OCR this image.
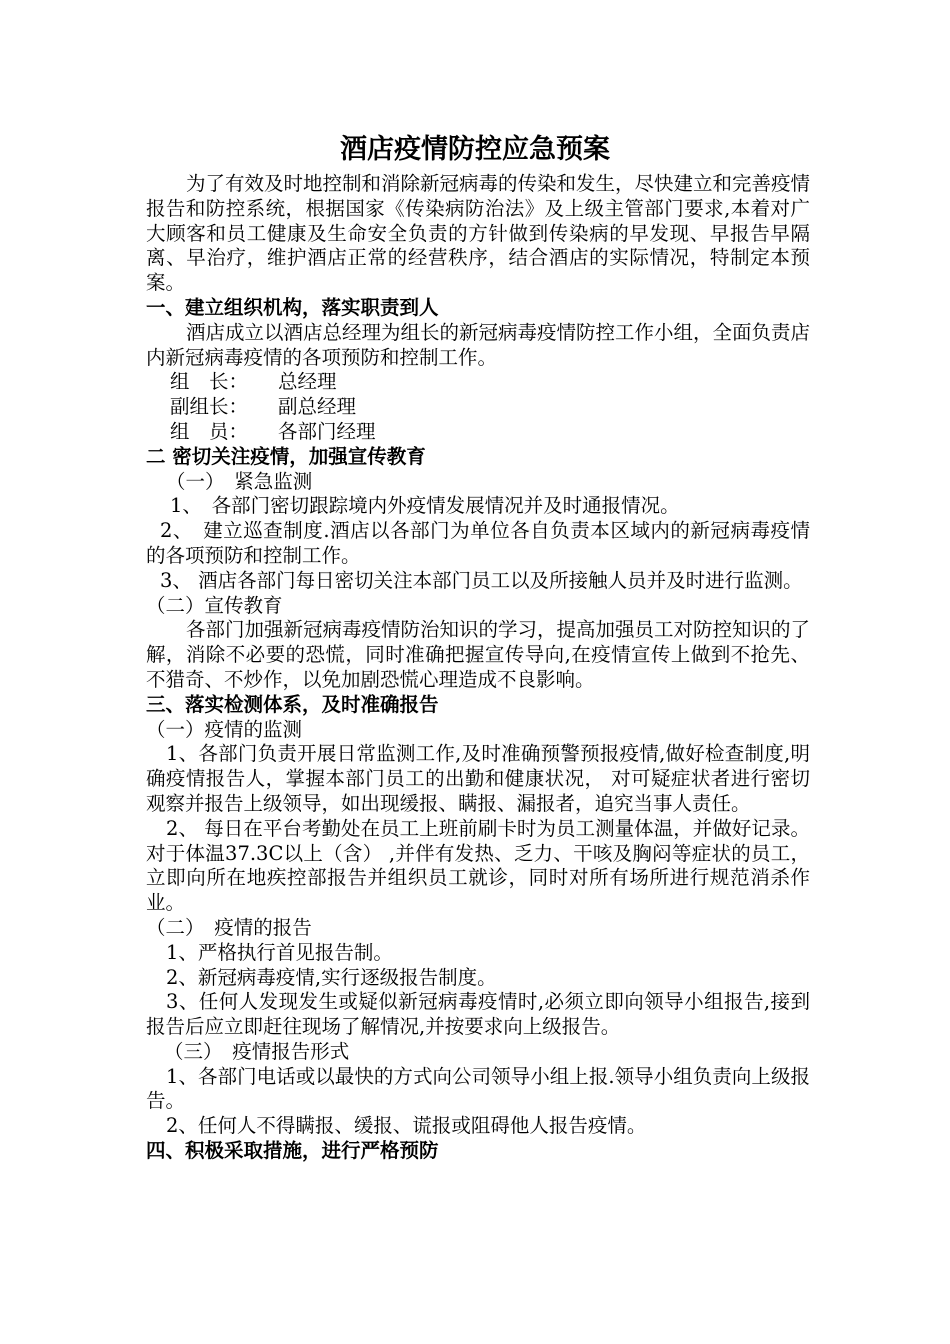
酒店疫情防控应急预案

为了有效及时地控制和消除新冠病毒的传染和发生，尽快建立和完善疫情报告和防控系统，根据国家《传染病防治法》及上级主管部门要求,本着对广大顾客和员工健康及生命安全负责的方针做到传染病的早发现、早报告早隔离、早治疗，维护酒店正常的经营秩序，结合酒店的实际情况，特制定本预案。

一、建立组织机构，落实职责到人

酒店成立以酒店总经理为组长的新冠病毒疫情防控工作小组，全面负责店内新冠病毒疫情的各项预防和控制工作。

组　长：	总经理
副组长：	副总经理
组　员：	各部门经理

二 密切关注疫情，加强宣传教育

（一）　紧急监测

1、　各部门密切跟踪境内外疫情发展情况并及时通报情况。

2、　建立巡查制度.酒店以各部门为单位各自负责本区域内的新冠病毒疫情的各项预防和控制工作。

3、 酒店各部门每日密切关注本部门员工以及所接触人员并及时进行监测。

（二）宣传教育

各部门加强新冠病毒疫情防治知识的学习，提高加强员工对防控知识的了解，消除不必要的恐慌，同时准确把握宣传导向,在疫情宣传上做到不抢先、不猎奇、不炒作，以免加剧恐慌心理造成不良影响。

三、落实检测体系，及时准确报告

（一）疫情的监测

1、各部门负责开展日常监测工作,及时准确预警预报疫情,做好检查制度,明确疫情报告人，掌握本部门员工的出勤和健康状况， 对可疑症状者进行密切观察并报告上级领导，如出现缓报、瞒报、漏报者，追究当事人责任。

2、 每日在平台考勤处在员工上班前刷卡时为员工测量体温，并做好记录。对于体温37.3C以上（含） ,并伴有发热、乏力、干咳及胸闷等症状的员工，立即向所在地疾控部报告并组织员工就诊，同时对所有场所进行规范消杀作业。

（二）　疫情的报告

1、严格执行首见报告制。

2、新冠病毒疫情,实行逐级报告制度。

3、任何人发现发生或疑似新冠病毒疫情时,必须立即向领导小组报告,接到报告后应立即赶往现场了解情况,并按要求向上级报告。

（三）　疫情报告形式

1、各部门电话或以最快的方式向公司领导小组上报.领导小组负责向上级报告。

2、任何人不得瞒报、缓报、谎报或阻碍他人报告疫情。

四、积极采取措施，进行严格预防
